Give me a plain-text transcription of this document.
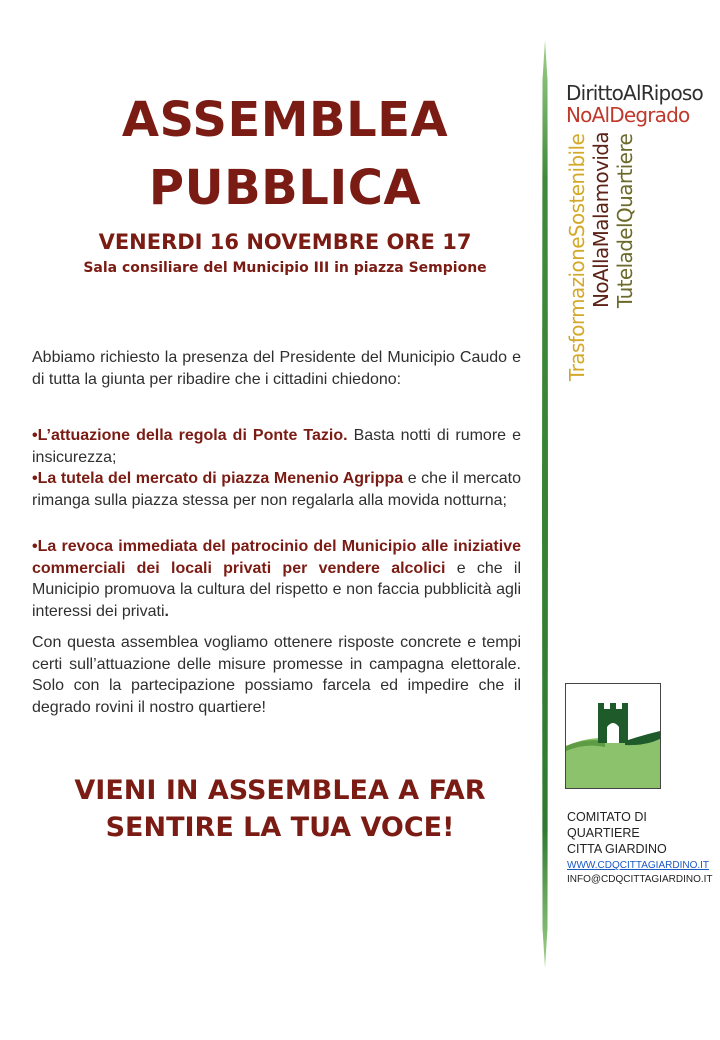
ASSEMBLEA
PUBBLICA
VENERDI 16 NOVEMBRE ORE 17
Sala consiliare del Municipio III in piazza Sempione

Abbiamo richiesto la presenza del Presidente del Municipio Caudo e di tutta la giunta per ribadire che i cittadini chiedono:

•L’attuazione della regola di Ponte Tazio. Basta notti di rumore e insicurezza;

•La tutela del mercato di piazza Menenio Agrippa e che il mercato rimanga sulla piazza stessa per non regalarla alla movida notturna;

•La revoca immediata del patrocinio del Municipio alle iniziative commerciali dei locali privati per vendere alcolici e che il Municipio promuova la cultura del rispetto e non faccia pubblicità agli interessi dei privati.

Con questa assemblea vogliamo ottenere risposte concrete e tempi certi sull’attuazione delle misure promesse in campagna elettorale. Solo con la partecipazione possiamo farcela ed impedire che il degrado rovini il nostro quartiere!

VIENI IN ASSEMBLEA A FAR
SENTIRE LA TUA VOCE!
DirittoAlRiposo
NoAlDegrado
TrasformazioneSostenibile NoAllaMalamovida TuteladelQuartiere
COMITATO DI
QUARTIERE
CITTA GIARDINO
WWW.CDQCITTAGIARDINO.IT
INFO@CDQCITTAGIARDINO.IT
